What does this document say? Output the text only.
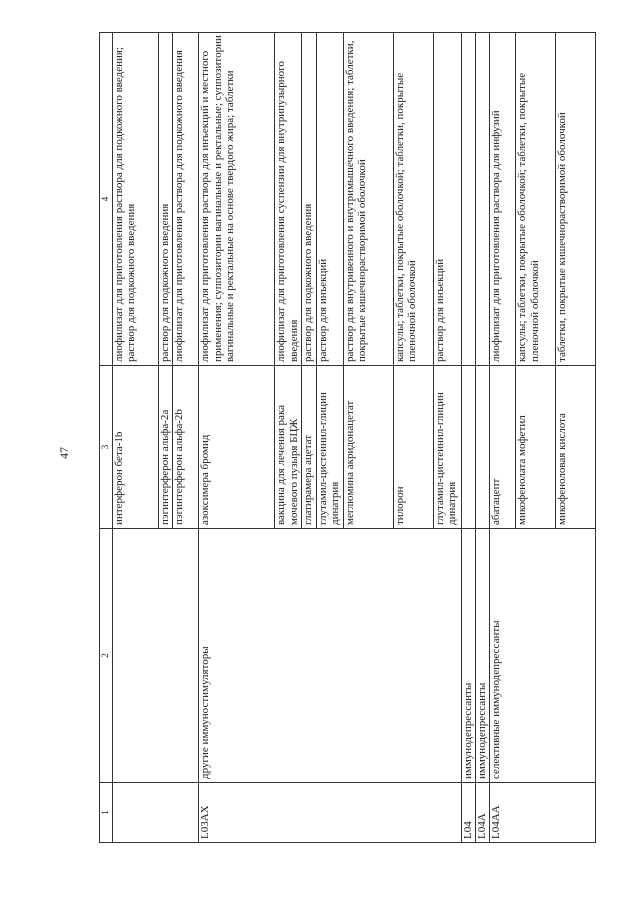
47
1	2	3	4
		интерферон бета-1b	лиофилизат для приготовления раствора для подкожного введения; раствор для подкожного введения
		пэгинтерферон альфа-2a	раствор для подкожного введения
		пэгинтерферон альфа-2b	лиофилизат для приготовления раствора для подкожного введения
L03AX	другие иммуностимуляторы	азоксимера бромид	лиофилизат для приготовления раствора для инъекций и местного применения; суппозитории вагинальные и ректальные; суппозитории вагинальные и ректальные на основе твердого жира; таблетки
		вакцина для лечения рака мочевого пузыря БЦЖ	лиофилизат для приготовления суспензии для внутрипузырного введения
		глатирамера ацетат	раствор для подкожного введения
		глутамил-цистеинил-глицин динатрия	раствор для инъекций
		меглюмина акридонацетат	раствор для внутривенного и внутримышечного введения; таблетки, покрытые кишечнорастворимой оболочкой
		тилорон	капсулы; таблетки, покрытые оболочкой; таблетки, покрытые пленочной оболочкой
		глутамил-цистеинил-глицин динатрия	раствор для инъекций
L04	иммунодепрессанты		
L04A	иммунодепрессанты		
L04AA	селективные иммунодепрессанты	абатацепт	лиофилизат для приготовления раствора для инфузий
		микофенолата мофетил	капсулы; таблетки, покрытые оболочкой; таблетки, покрытые пленочной оболочкой
		микофеноловая кислота	таблетки, покрытые кишечнорастворимой оболочкой
